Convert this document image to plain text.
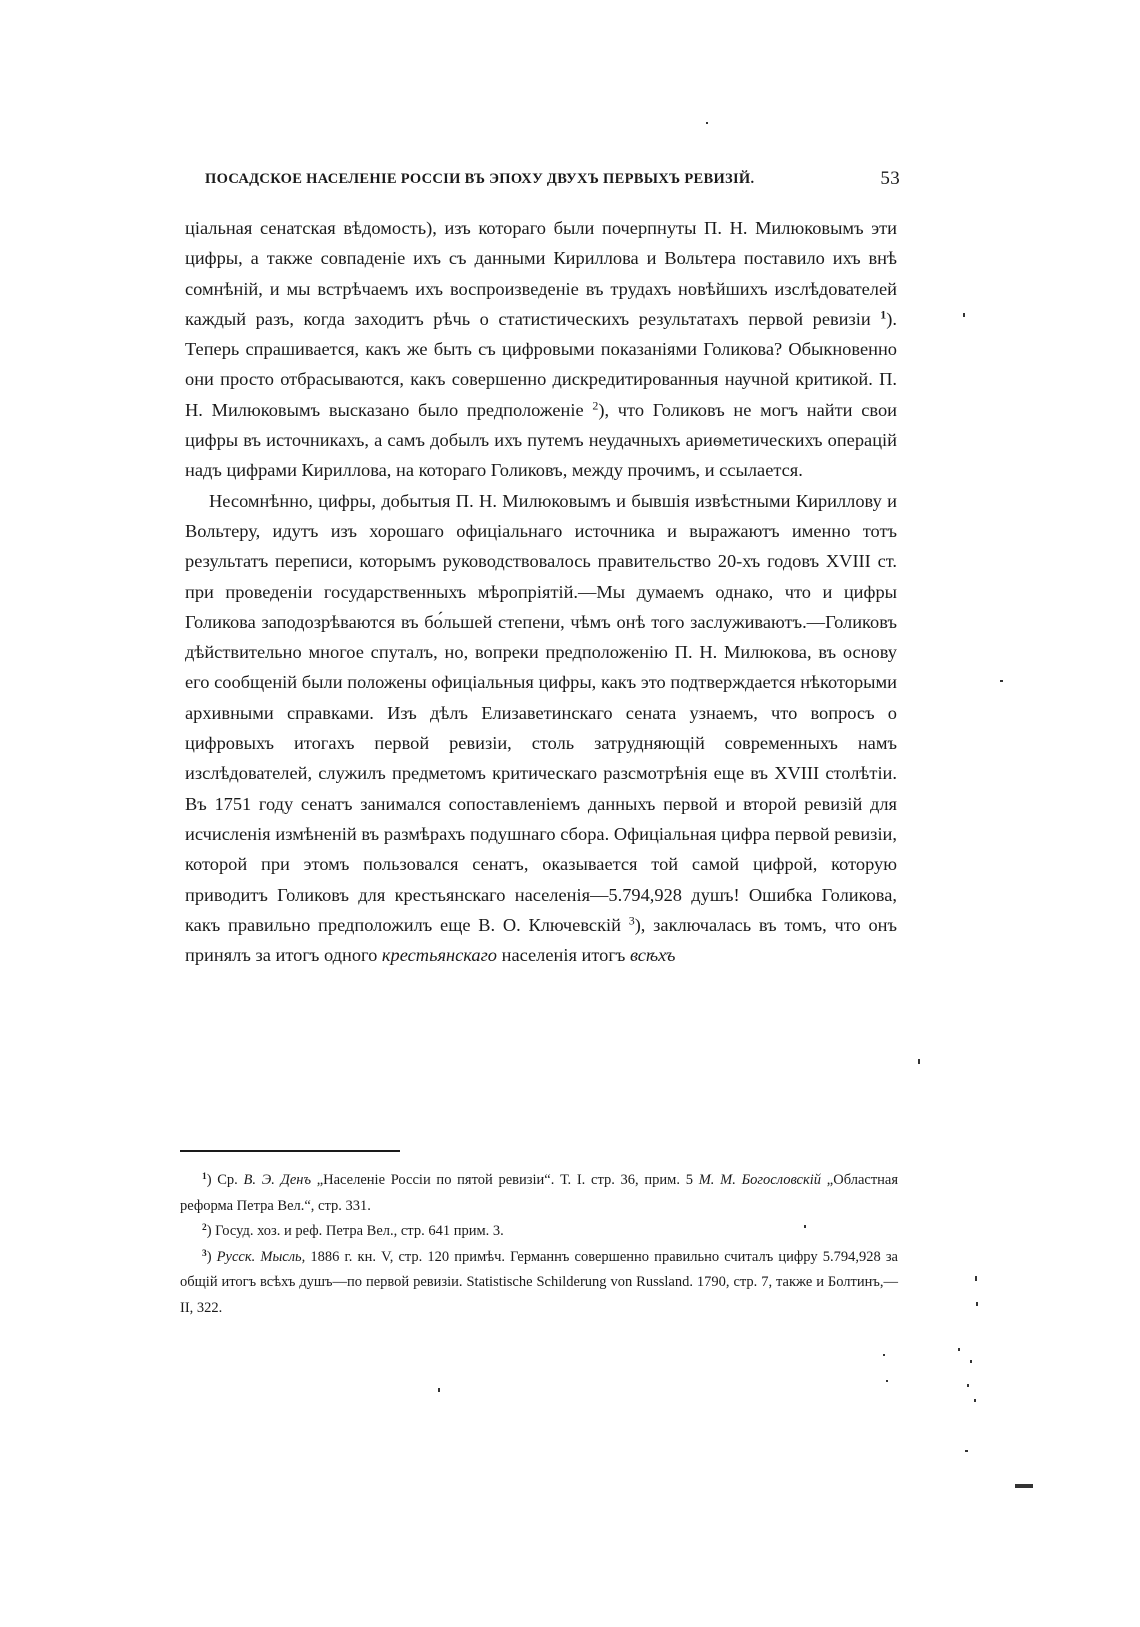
ПОСАДСКОЕ НАСЕЛЕНІЕ РОССІИ ВЪ ЭПОХУ ДВУХЪ ПЕРВЫХЪ РЕВИЗІЙ.	53

ціальная сенатская вѣдомость), изъ котораго были почерпнуты П. Н. Милюковымъ эти цифры, а также совпаденіе ихъ съ данными Кириллова и Вольтера поставило ихъ внѣ сомнѣній, и мы встрѣчаемъ ихъ воспроизведеніе въ трудахъ новѣйшихъ изслѣдователей каждый разъ, когда заходитъ рѣчь о статистическихъ результатахъ первой ревизіи $^1$). Теперь спрашивается, какъ же быть съ цифровыми показаніями Голикова? Обыкновенно они просто отбрасываются, какъ совершенно дискредитированныя научной критикой. П. Н. Милюковымъ высказано было предположеніе $^2$), что Голиковъ не могъ найти свои цифры въ источникахъ, а самъ добылъ ихъ путемъ неудачныхъ ариѳметическихъ операцій надъ цифрами Кириллова, на котораго Голиковъ, между прочимъ, и ссылается.

Несомнѣнно, цифры, добытыя П. Н. Милюковымъ и бывшія извѣстными Кириллову и Вольтеру, идутъ изъ хорошаго офиціальнаго источника и выражаютъ именно тотъ результатъ переписи, которымъ руководствовалось правительство 20-хъ годовъ XVIII ст. при проведеніи государственныхъ мѣропріятій.—Мы думаемъ однако, что и цифры Голикова заподозрѣваются въ бо́льшей степени, чѣмъ онѣ того заслуживаютъ.—Голиковъ дѣйствительно многое спуталъ, но, вопреки предположенію П. Н. Милюкова, въ основу его сообщеній были положены офиціальныя цифры, какъ это подтверждается нѣкоторыми архивными справками. Изъ дѣлъ Елизаветинскаго сената узнаемъ, что вопросъ о цифровыхъ итогахъ первой ревизіи, столь затрудняющій современныхъ намъ изслѣдователей, служилъ предметомъ критическаго разсмотрѣнія еще въ XVIII столѣтіи. Въ 1751 году сенатъ занимался сопоставленіемъ данныхъ первой и второй ревизій для исчисленія измѣненій въ размѣрахъ подушнаго сбора. Офиціальная цифра первой ревизіи, которой при этомъ пользовался сенатъ, оказывается той самой цифрой, которую приводитъ Голиковъ для крестьянскаго населенія—5.794,928 душъ! Ошибка Голикова, какъ правильно предположилъ еще В. О. Ключевскій $^3$), заключалась въ томъ, что онъ принялъ за итогъ одного крестьянскаго населенія итогъ всѣхъ

$^1$) Ср. В. Э. Денъ „Населеніе Россіи по пятой ревизіи“. Т. І. стр. 36, прим. 5 М. М. Богословскій „Областная реформа Петра Вел.“, стр. 331.

$^2$) Госуд. хоз. и реф. Петра Вел., стр. 641 прим. 3.

$^3$) Русск. Мысль, 1886 г. кн. V, стр. 120 примѣч. Германнъ совершенно правильно считалъ цифру 5.794,928 за общій итогъ всѣхъ душъ—по первой ревизіи. Statistische Schilderung von Russland. 1790, стр. 7, также и Болтинъ,—II, 322.
